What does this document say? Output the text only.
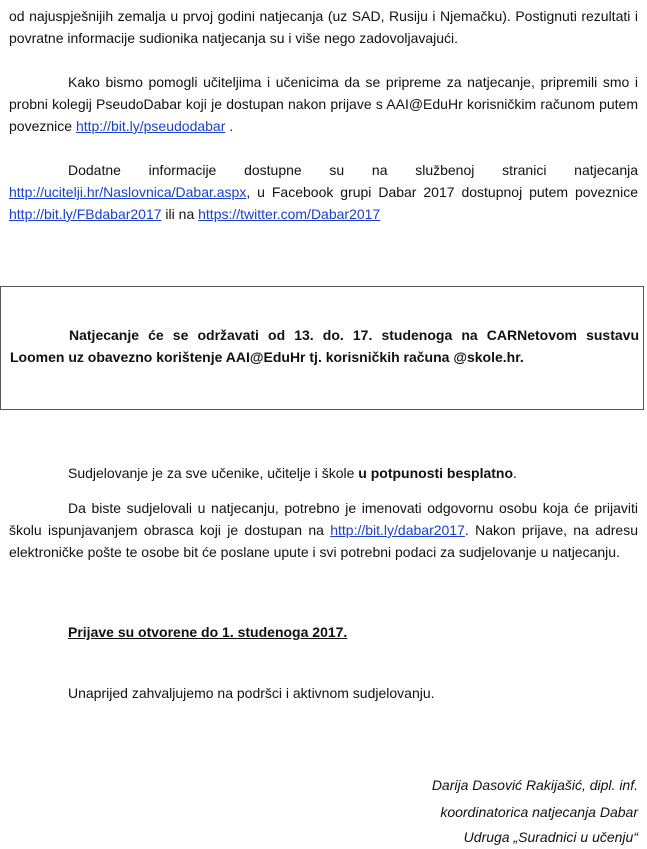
od najuspješnijih zemalja u prvoj godini natjecanja (uz SAD, Rusiju i Njemačku). Postignuti rezultati i povratne informacije sudionika natjecanja su i više nego zadovoljavajući.

Kako bismo pomogli učiteljima i učenicima da se pripreme za natjecanje, pripremili smo i probni kolegij PseudoDabar koji je dostupan nakon prijave s AAI@EduHr korisničkim računom putem poveznice http://bit.ly/pseudodabar .

Dodatne informacije dostupne su na službenoj stranici natjecanja http://ucitelji.hr/Naslovnica/Dabar.aspx, u Facebook grupi Dabar 2017 dostupnoj putem poveznice http://bit.ly/FBdabar2017 ili na https://twitter.com/Dabar2017

Natjecanje će se održavati od 13. do. 17. studenoga na CARNetovom sustavu Loomen uz obavezno korištenje AAI@EduHr tj. korisničkih računa @skole.hr.

Sudjelovanje je za sve učenike, učitelje i škole u potpunosti besplatno.

Da biste sudjelovali u natjecanju, potrebno je imenovati odgovornu osobu koja će prijaviti školu ispunjavanjem obrasca koji je dostupan na http://bit.ly/dabar2017. Nakon prijave, na adresu elektroničke pošte te osobe bit će poslane upute i svi potrebni podaci za sudjelovanje u natjecanju.

Prijave su otvorene do 1. studenoga 2017.

Unaprijed zahvaljujemo na podršci i aktivnom sudjelovanju.

Darija Dasović Rakijašić, dipl. inf.

koordinatorica natjecanja Dabar

Udruga „Suradnici u učenju“
